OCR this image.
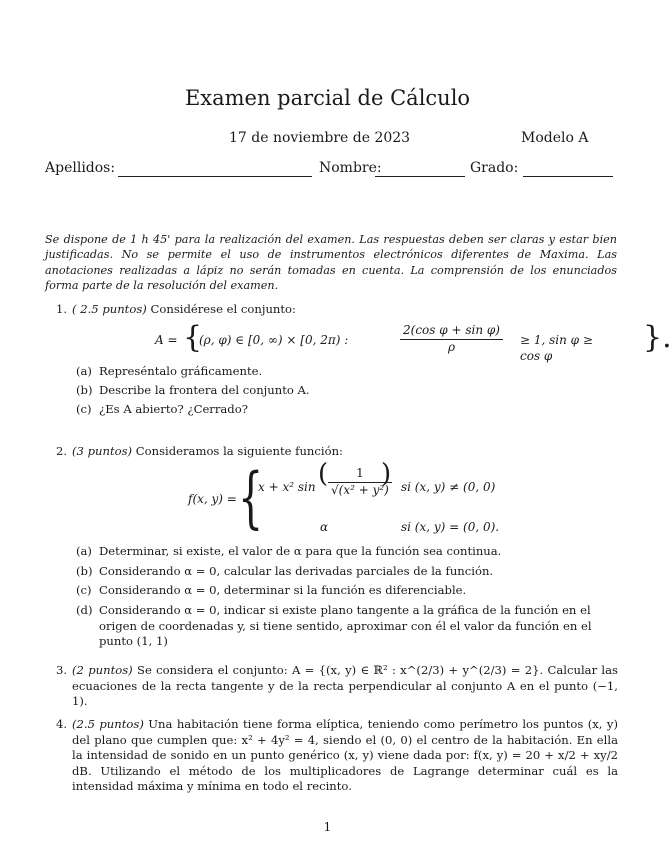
Examen parcial de Cálculo
17 de noviembre de 2023	Modelo A
Apellidos:	Nombre:	Grado:
Se dispone de 1 h 45' para la realización del examen. Las respuestas deben ser claras y estar bien justificadas. No se permite el uso de instrumentos electrónicos diferentes de Maxima. Las anotaciones realizadas a lápiz no serán tomadas en cuenta. La comprensión de los enunciados forma parte de la resolución del examen.
1. ( 2.5 puntos) Considérese el conjunto:
A = {
(ρ, φ) ∈ [0, ∞) × [0, 2π) :	$\frac{\text{2(cos φ + sin φ)}}{\rho} \ge 1$, sin φ ≥ cos φ
}.
(a) Represéntalo gráficamente.
(b) Describe la frontera del conjunto A.
(c) ¿Es A abierto? ¿Cerrado?
2. (3 puntos) Consideramos la siguiente función:
f(x, y) = {
x + x² sin ( $\frac{1}{\text{√(x² + y²)}}$
) si (x, y) ≠ (0, 0)
α	si (x, y) = (0, 0).
(a) Determinar, si existe, el valor de α para que la función sea continua.
(b) Considerando α = 0, calcular las derivadas parciales de la función.
(c) Considerando α = 0, determinar si la función es diferenciable.
(d) Considerando α = 0, indicar si existe plano tangente a la gráfica de la función en el origen de coordenadas y, si tiene sentido, aproximar con él el valor da función en el punto (1, 1)
3. (2 puntos) Se considera el conjunto: A = {(x, y) ∈ ℝ² : x^(2/3) + y^(2/3) = 2}. Calcular las ecuaciones de la recta tangente y de la recta perpendicular al conjunto A en el punto (−1, 1).
4. (2.5 puntos) Una habitación tiene forma elíptica, teniendo como perímetro los puntos (x, y) del plano que cumplen que: x² + 4y² = 4, siendo el (0, 0) el centro de la habitación. En ella la intensidad de sonido en un punto genérico (x, y) viene dada por: f(x, y) = 20 + x/2 + xy/2 dB. Utilizando el método de los multiplicadores de Lagrange determinar cuál es la intensidad máxima y mínima en todo el recinto.
1
